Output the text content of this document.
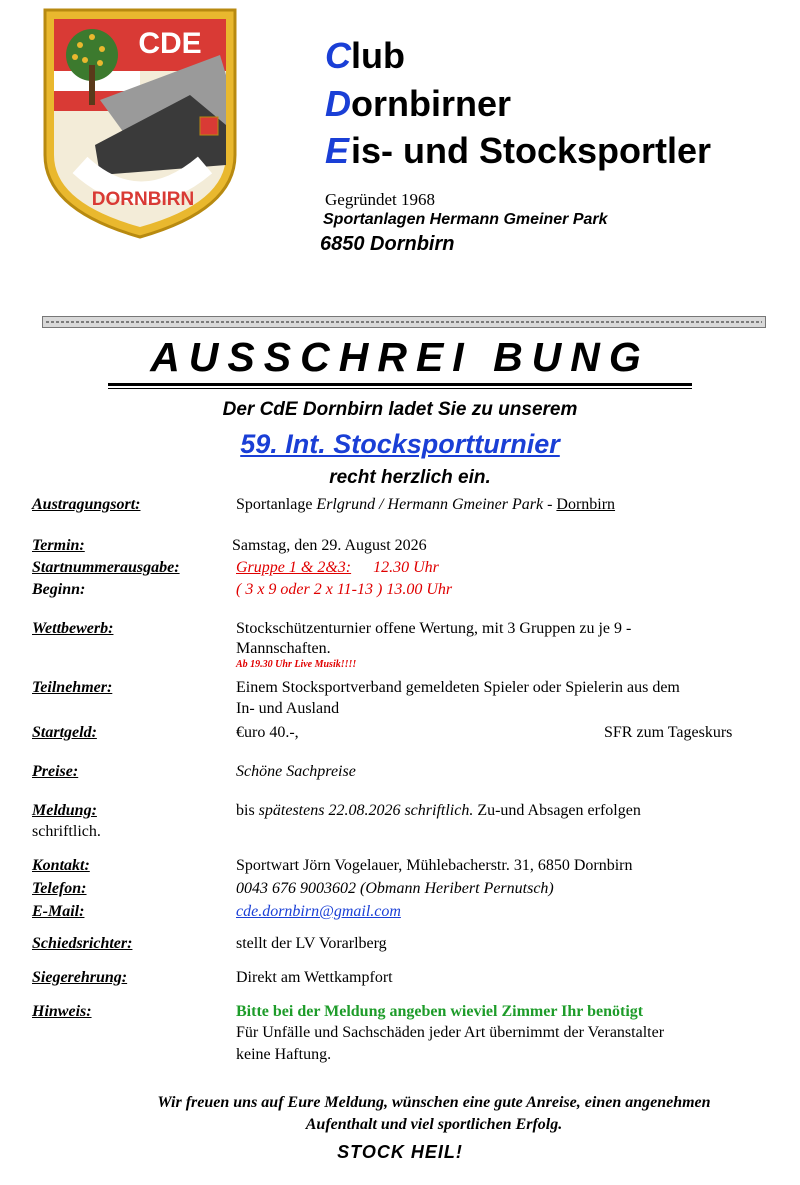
CDE
DORNBIRN
Club
Dornbirner
Eis- und Stocksportler
Gegründet 1968
Sportanlagen Hermann Gmeiner Park
6850 Dornbirn
AUSSCHREI BUNG
Der CdE Dornbirn ladet Sie zu unserem
59. Int. Stocksportturnier
recht herzlich ein.
Austragungsort:	Sportanlage Erlgrund / Hermann Gmeiner Park - Dornbirn
Termin:	Samstag, den 29. August 2026
Startnummerausgabe:	Gruppe 1 & 2&3: 12.30 Uhr
Beginn:	( 3 x 9 oder 2 x 11-13 ) 13.00 Uhr
Wettbewerb:	Stockschützenturnier offene Wertung, mit 3 Gruppen zu je 9 -
Mannschaften.
Ab 19.30 Uhr Live Musik!!!!
Teilnehmer:	Einem Stocksportverband gemeldeten Spieler oder Spielerin aus dem
In- und Ausland
Startgeld:	€uro 40.-,	SFR zum Tageskurs
Preise:	Schöne Sachpreise
Meldung:	bis spätestens 22.08.2026 schriftlich. Zu-und Absagen erfolgen
schriftlich.
Kontakt:	Sportwart Jörn Vogelauer, Mühlebacherstr. 31, 6850 Dornbirn
Telefon:	0043 676 9003602 (Obmann Heribert Pernutsch)
E-Mail:	cde.dornbirn@gmail.com
Schiedsrichter:	stellt der LV Vorarlberg
Siegerehrung:	Direkt am Wettkampfort
Hinweis:	Bitte bei der Meldung angeben wieviel Zimmer Ihr benötigt
Für Unfälle und Sachschäden jeder Art übernimmt der Veranstalter
keine Haftung.
Wir freuen uns auf Eure Meldung, wünschen eine gute Anreise, einen angenehmen
Aufenthalt und viel sportlichen Erfolg.
STOCK HEIL!
